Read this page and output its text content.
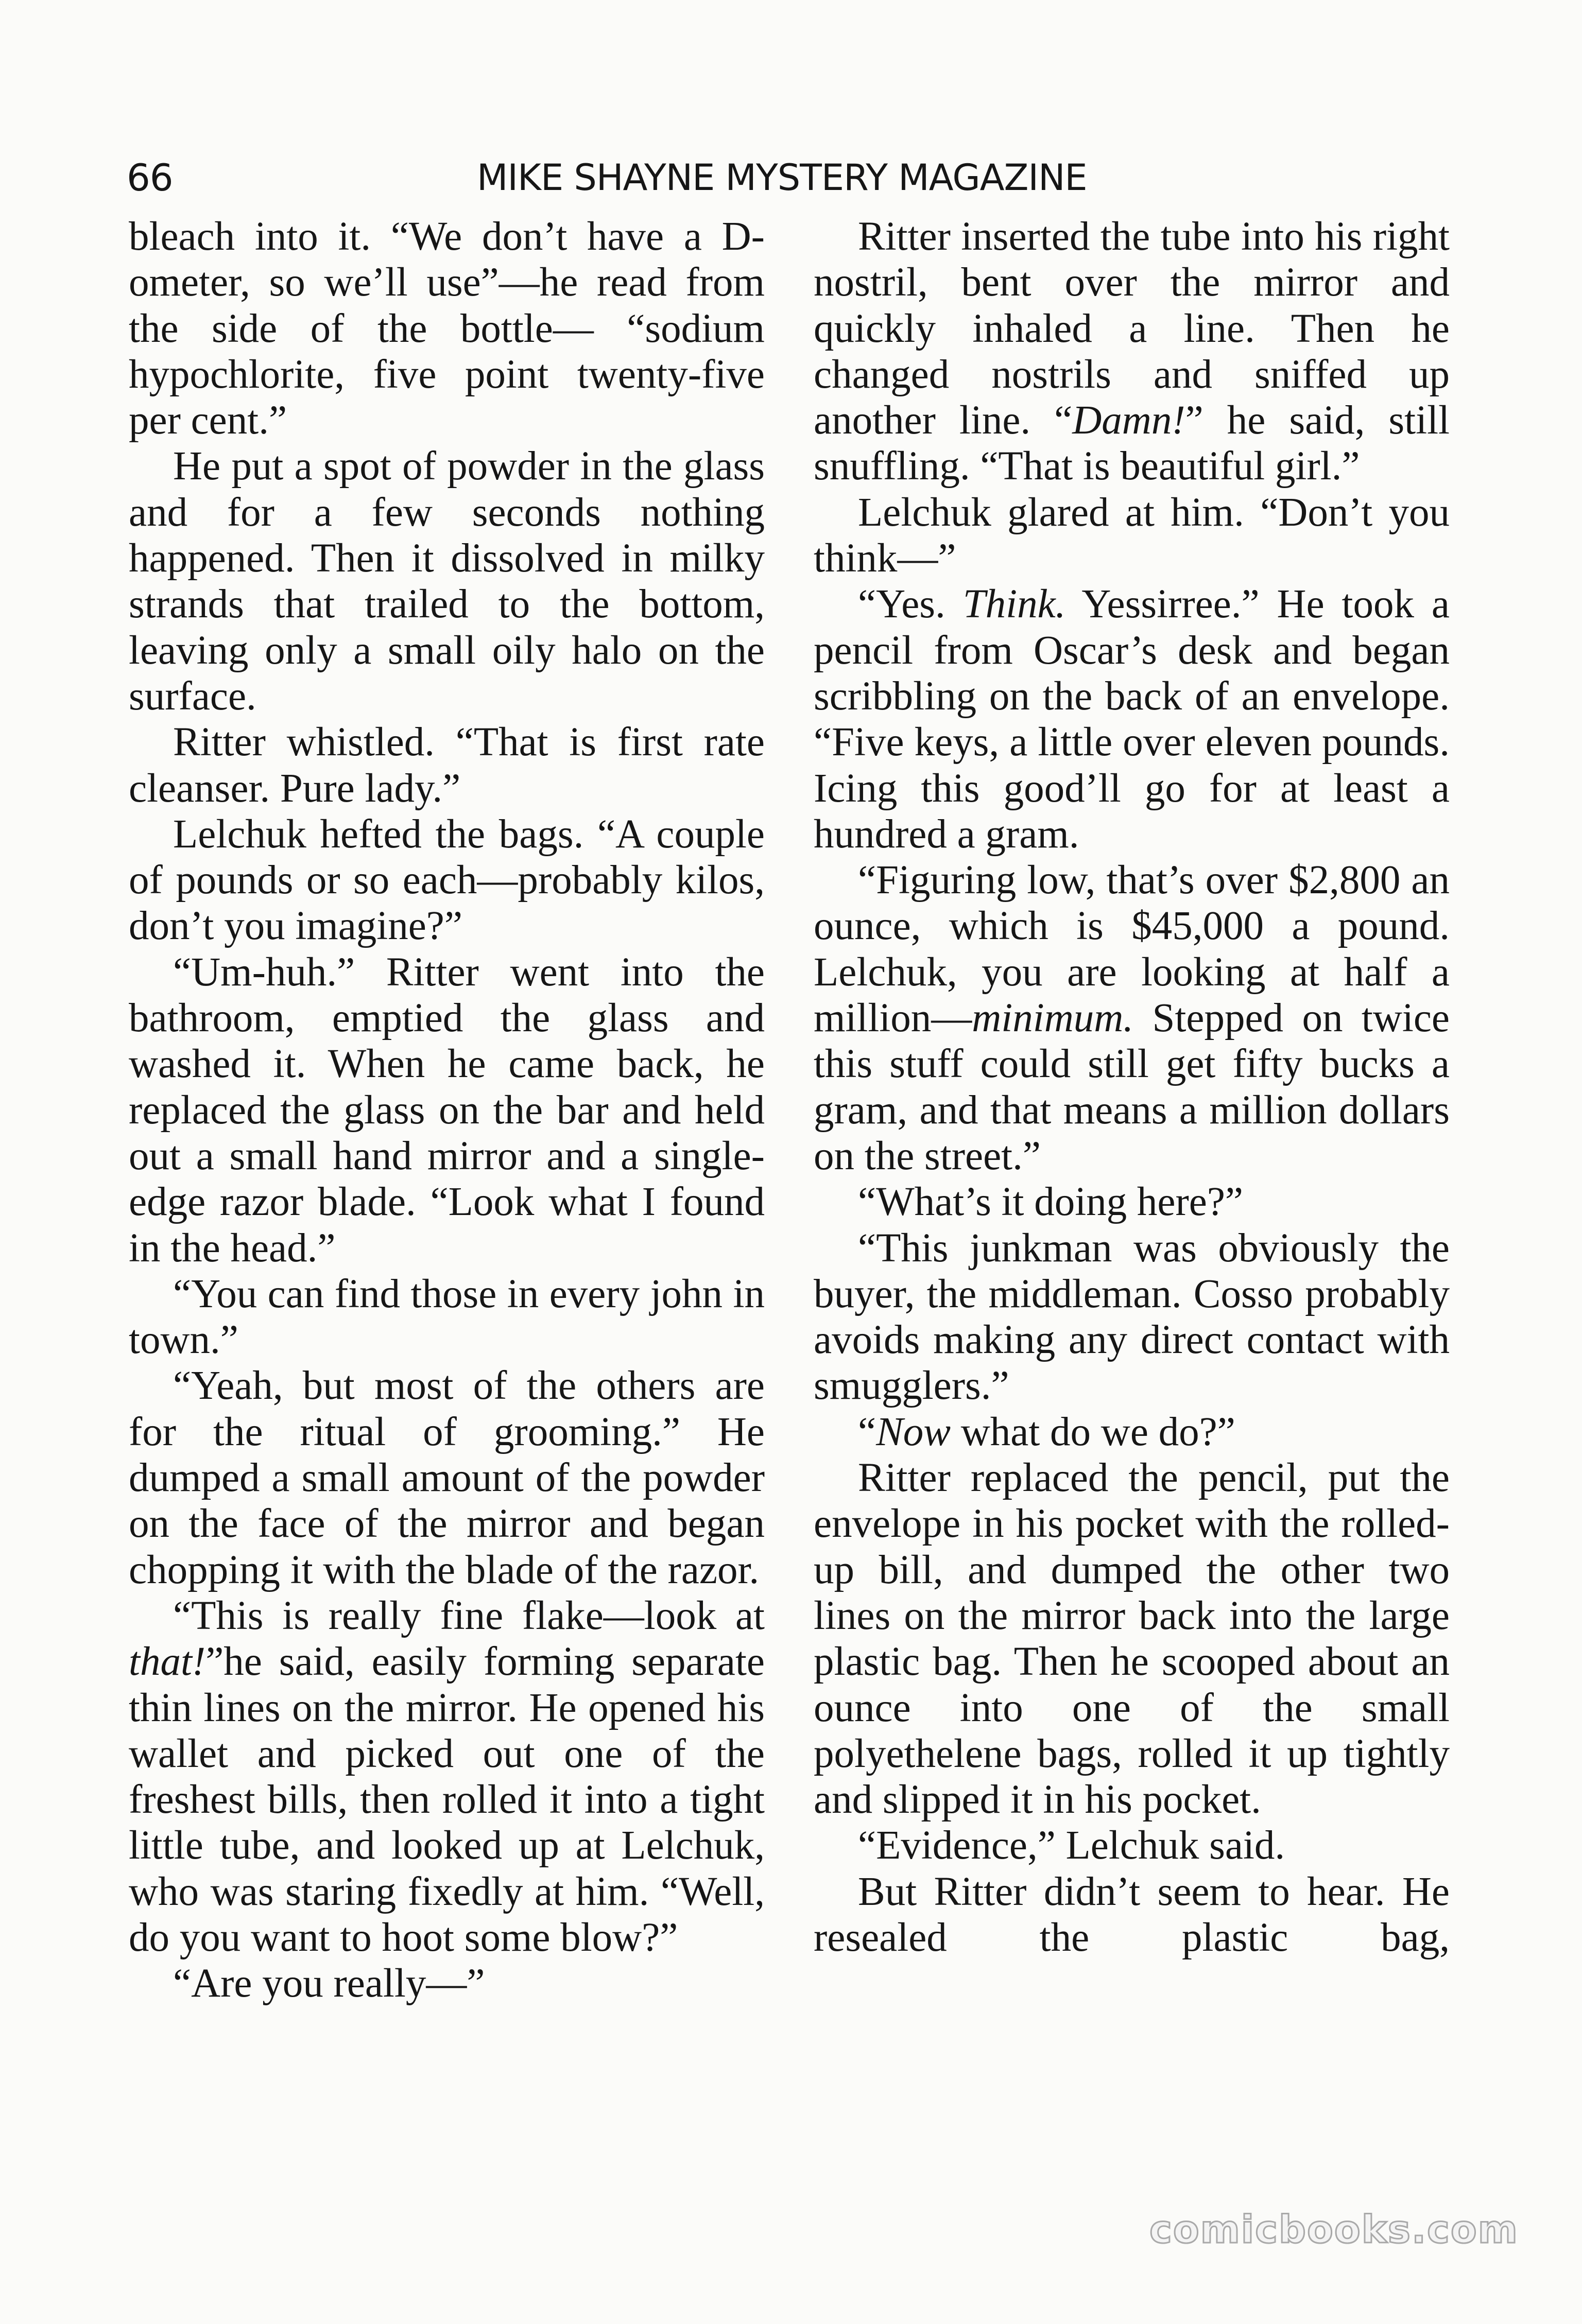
66	MIKE SHAYNE MYSTERY MAGAZINE

bleach into it. “We don’t have a D-ometer, so we’ll use”—he read from the side of the bottle— “sodium hypochlorite, five point twenty-five per cent.”

He put a spot of powder in the glass and for a few seconds nothing happened. Then it dissolved in milky strands that trailed to the bottom, leaving only a small oily halo on the surface.

Ritter whistled. “That is first rate cleanser. Pure lady.”

Lelchuk hefted the bags. “A couple of pounds or so each—probably kilos, don’t you imagine?”

“Um-huh.” Ritter went into the bathroom, emptied the glass and washed it. When he came back, he replaced the glass on the bar and held out a small hand mirror and a single-edge razor blade. “Look what I found in the head.”

“You can find those in every john in town.”

“Yeah, but most of the others are for the ritual of grooming.” He dumped a small amount of the powder on the face of the mirror and began chopping it with the blade of the razor.

“This is really fine flake—look at that!”he said, easily forming separate thin lines on the mirror. He opened his wallet and picked out one of the freshest bills, then rolled it into a tight little tube, and looked up at Lelchuk, who was staring fixedly at him. “Well, do you want to hoot some blow?”

“Are you really—”

Ritter inserted the tube into his right nostril, bent over the mirror and quickly inhaled a line. Then he changed nostrils and sniffed up another line. “Damn!” he said, still snuffling. “That is beautiful girl.”

Lelchuk glared at him. “Don’t you think—”

“Yes. Think. Yessirree.” He took a pencil from Oscar’s desk and began scribbling on the back of an envelope. “Five keys, a little over eleven pounds. Icing this good’ll go for at least a hundred a gram.

“Figuring low, that’s over $2,800 an ounce, which is $45,000 a pound. Lelchuk, you are looking at half a million—minimum. Stepped on twice this stuff could still get fifty bucks a gram, and that means a million dollars on the street.”

“What’s it doing here?”

“This junkman was obviously the buyer, the middleman. Cosso probably avoids making any direct contact with smugglers.”

“Now what do we do?”

Ritter replaced the pencil, put the envelope in his pocket with the rolled-up bill, and dumped the other two lines on the mirror back into the large plastic bag. Then he scooped about an ounce into one of the small polyethelene bags, rolled it up tightly and slipped it in his pocket.

“Evidence,” Lelchuk said.

But Ritter didn’t seem to hear. He resealed the plastic bag,

comicbooks.com
